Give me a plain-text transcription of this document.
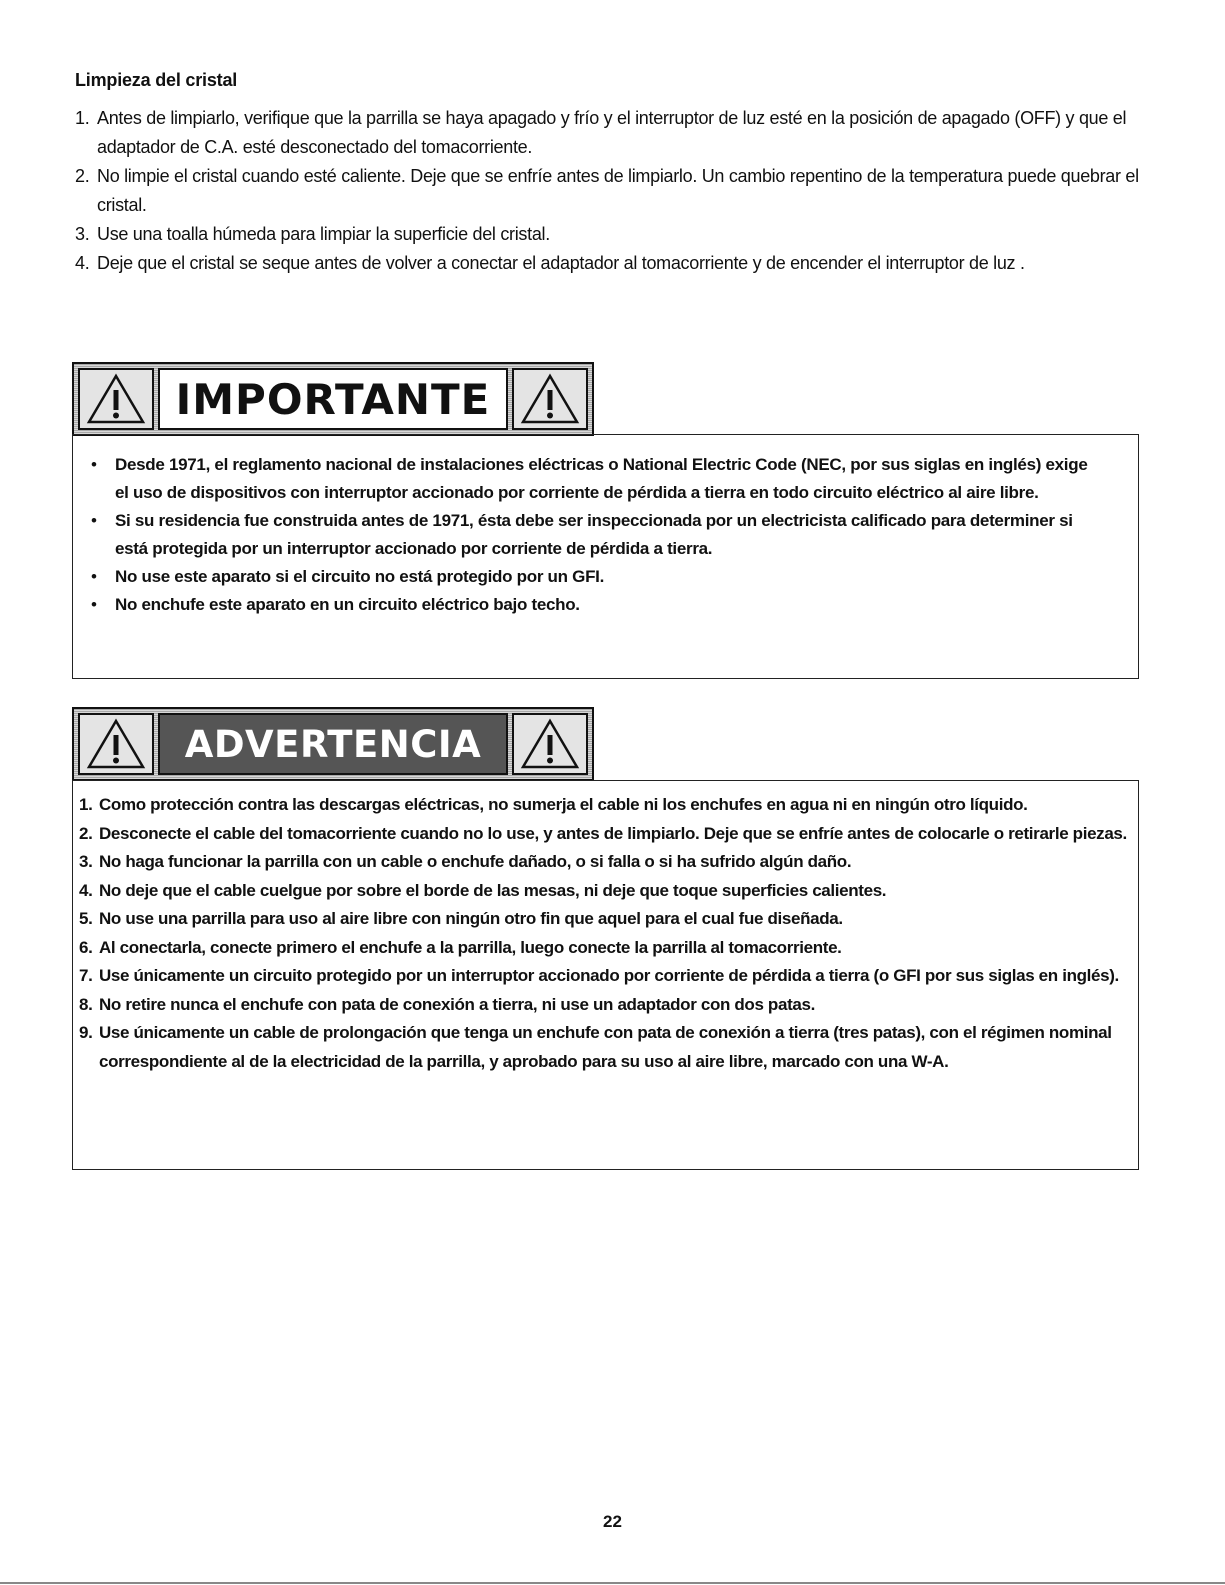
Limpieza del cristal
1. Antes de limpiarlo, verifique que la parrilla se haya apagado y frío y el interruptor de luz esté en la posición de apagado (OFF) y que el adaptador de C.A. esté desconectado del tomacorriente.
2. No limpie el cristal cuando esté caliente. Deje que se enfríe antes de limpiarlo. Un cambio repentino de la temperatura puede quebrar el cristal.
3. Use una toalla húmeda para limpiar la superficie del cristal.
4. Deje que el cristal se seque antes de volver a conectar el adaptador al tomacorriente y de encender el interruptor de luz .
IMPORTANTE
• Desde 1971, el reglamento nacional de instalaciones eléctricas o National Electric Code (NEC, por sus siglas en inglés) exige el uso de dispositivos con interruptor accionado por corriente de pérdida a tierra en todo circuito eléctrico al aire libre.
• Si su residencia fue construida antes de 1971, ésta debe ser inspeccionada por un electricista calificado para determiner si está protegida por un interruptor accionado por corriente de pérdida a tierra.
• No use este aparato si el circuito no está protegido por un GFI.
• No enchufe este aparato en un circuito eléctrico bajo techo.
ADVERTENCIA
1. Como protección contra las descargas eléctricas, no sumerja el cable ni los enchufes en agua ni en ningún otro líquido.
2. Desconecte el cable del tomacorriente cuando no lo use, y antes de limpiarlo. Deje que se enfríe antes de colocarle o retirarle piezas.
3. No haga funcionar la parrilla con un cable o enchufe dañado, o si falla o si ha sufrido algún daño.
4. No deje que el cable cuelgue por sobre el borde de las mesas, ni deje que toque superficies calientes.
5. No use una parrilla para uso al aire libre con ningún otro fin que aquel para el cual fue diseñada.
6. Al conectarla, conecte primero el enchufe a la parrilla, luego conecte la parrilla al tomacorriente.
7. Use únicamente un circuito protegido por un interruptor accionado por corriente de pérdida a tierra (o GFI por sus siglas en inglés).
8. No retire nunca el enchufe con pata de conexión a tierra, ni use un adaptador con dos patas.
9. Use únicamente un cable de prolongación que tenga un enchufe con pata de conexión a tierra (tres patas), con el régimen nominal correspondiente al de la electricidad de la parrilla, y aprobado para su uso al aire libre, marcado con una W-A.
22
